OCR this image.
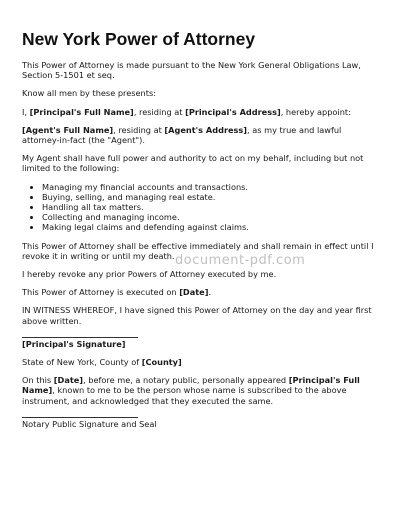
New York Power of Attorney

This Power of Attorney is made pursuant to the New York General Obligations Law, Section 5-1501 et seq.

Know all men by these presents:

I, [Principal's Full Name], residing at [Principal's Address], hereby appoint:

[Agent's Full Name], residing at [Agent's Address], as my true and lawful attorney-in-fact (the "Agent").

My Agent shall have full power and authority to act on my behalf, including but not limited to the following:

• Managing my financial accounts and transactions.
• Buying, selling, and managing real estate.
• Handling all tax matters.
• Collecting and managing income.
• Making legal claims and defending against claims.

This Power of Attorney shall be effective immediately and shall remain in effect until I revoke it in writing or until my death.

I hereby revoke any prior Powers of Attorney executed by me.

This Power of Attorney is executed on [Date].

IN WITNESS WHEREOF, I have signed this Power of Attorney on the day and year first above written.

[Principal's Signature]

State of New York, County of [County]

On this [Date], before me, a notary public, personally appeared [Principal's Full Name], known to me to be the person whose name is subscribed to the above instrument, and acknowledged that they executed the same.

Notary Public Signature and Seal

document-pdf.com
